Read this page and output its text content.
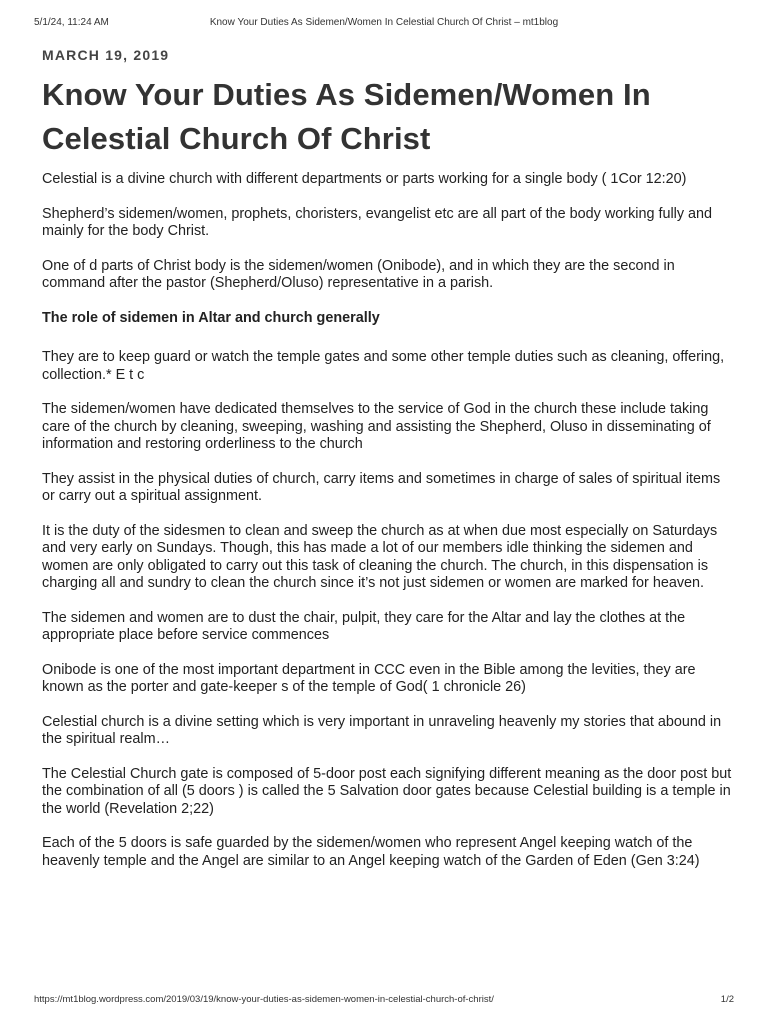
5/1/24, 11:24 AM	Know Your Duties As Sidemen/Women In Celestial Church Of Christ – mt1blog
MARCH 19, 2019
Know Your Duties As Sidemen/Women In Celestial Church Of Christ

Celestial is a divine church with different departments or parts working for a single body ( 1Cor 12:20)

Shepherd’s sidemen/women, prophets, choristers, evangelist etc are all part of the body working fully and mainly for the body Christ.

One of d parts of Christ body is the sidemen/women (Onibode), and in which they are the second in command after the pastor (Shepherd/Oluso) representative in a parish.

The role of sidemen in Altar and church generally

They are to keep guard or watch the temple gates and some other temple duties such as cleaning, offering, collection.* E t c

The sidemen/women have dedicated themselves to the service of God in the church these include taking care of the church by cleaning, sweeping, washing and assisting the Shepherd, Oluso in disseminating of information and restoring orderliness to the church

They assist in the physical duties of church, carry items and sometimes in charge of sales of spiritual items or carry out a spiritual assignment.

It is the duty of the sidesmen to clean and sweep the church as at when due most especially on Saturdays and very early on Sundays. Though, this has made a lot of our members idle thinking the sidemen and women are only obligated to carry out this task of cleaning the church. The church, in this dispensation is charging all and sundry to clean the church since it’s not just sidemen or women are marked for heaven.

The sidemen and women are to dust the chair, pulpit, they care for the Altar and lay the clothes at the appropriate place before service commences

Onibode is one of the most important department in CCC even in the Bible among the levities, they are known as the porter and gate-keeper s of the temple of God( 1 chronicle 26)

Celestial church is a divine setting which is very important in unraveling heavenly my stories that abound in the spiritual realm…

The Celestial Church gate is composed of 5-door post each signifying different meaning as the door post but the combination of all (5 doors ) is called the 5 Salvation door gates because Celestial building is a temple in the world (Revelation 2;22)

Each of the 5 doors is safe guarded by the sidemen/women who represent Angel keeping watch of the heavenly temple and the Angel are similar to an Angel keeping watch of the Garden of Eden (Gen 3:24)

https://mt1blog.wordpress.com/2019/03/19/know-your-duties-as-sidemen-women-in-celestial-church-of-christ/	1/2
